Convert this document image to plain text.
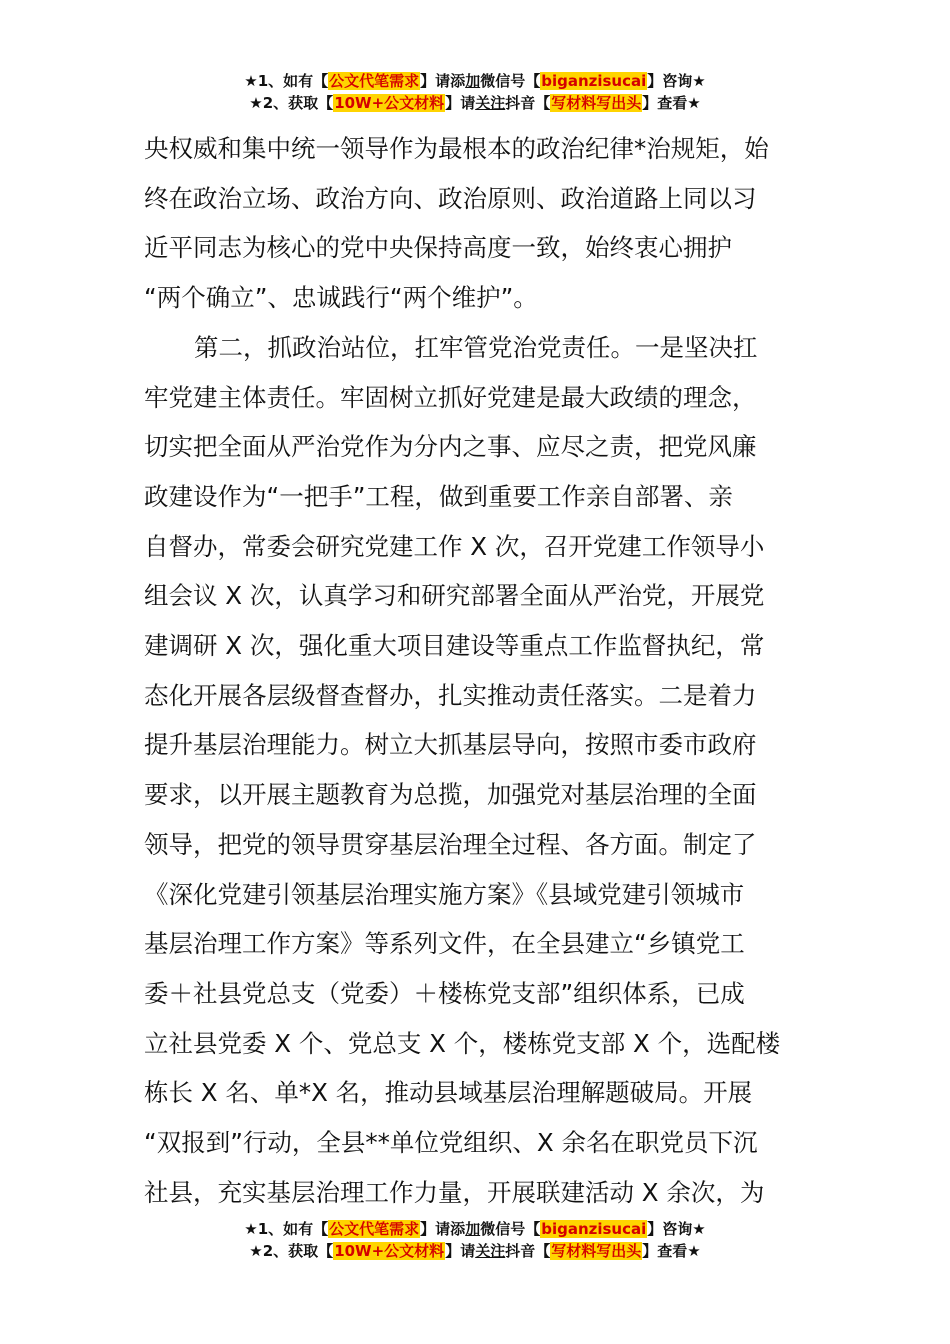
★1、如有【公文代笔需求】请添加微信号【biganzisucai】咨询★
★2、获取【10W+公文材料】请关注抖音【写材料写出头】查看★
央权威和集中统一领导作为最根本的政治纪律*治规矩，始
终在政治立场、政治方向、政治原则、政治道路上同以习
近平同志为核心的党中央保持高度一致，始终衷心拥护
“两个确立”、忠诚践行“两个维护”。
第二，抓政治站位，扛牢管党治党责任。一是坚决扛
牢党建主体责任。牢固树立抓好党建是最大政绩的理念，
切实把全面从严治党作为分内之事、应尽之责，把党风廉
政建设作为“一把手”工程，做到重要工作亲自部署、亲
自督办，常委会研究党建工作 X 次，召开党建工作领导小
组会议 X 次，认真学习和研究部署全面从严治党，开展党
建调研 X 次，强化重大项目建设等重点工作监督执纪，常
态化开展各层级督查督办，扎实推动责任落实。二是着力
提升基层治理能力。树立大抓基层导向，按照市委市政府
要求，以开展主题教育为总揽，加强党对基层治理的全面
领导，把党的领导贯穿基层治理全过程、各方面。制定了
《深化党建引领基层治理实施方案》《县域党建引领城市
基层治理工作方案》等系列文件，在全县建立“乡镇党工
委＋社县党总支（党委）＋楼栋党支部”组织体系，已成
立社县党委 X 个、党总支 X 个，楼栋党支部 X 个，选配楼
栋长 X 名、单*X 名，推动县域基层治理解题破局。开展
“双报到”行动，全县**单位党组织、X 余名在职党员下沉
社县，充实基层治理工作力量，开展联建活动 X 余次，为
★1、如有【公文代笔需求】请添加微信号【biganzisucai】咨询★
★2、获取【10W+公文材料】请关注抖音【写材料写出头】查看★
